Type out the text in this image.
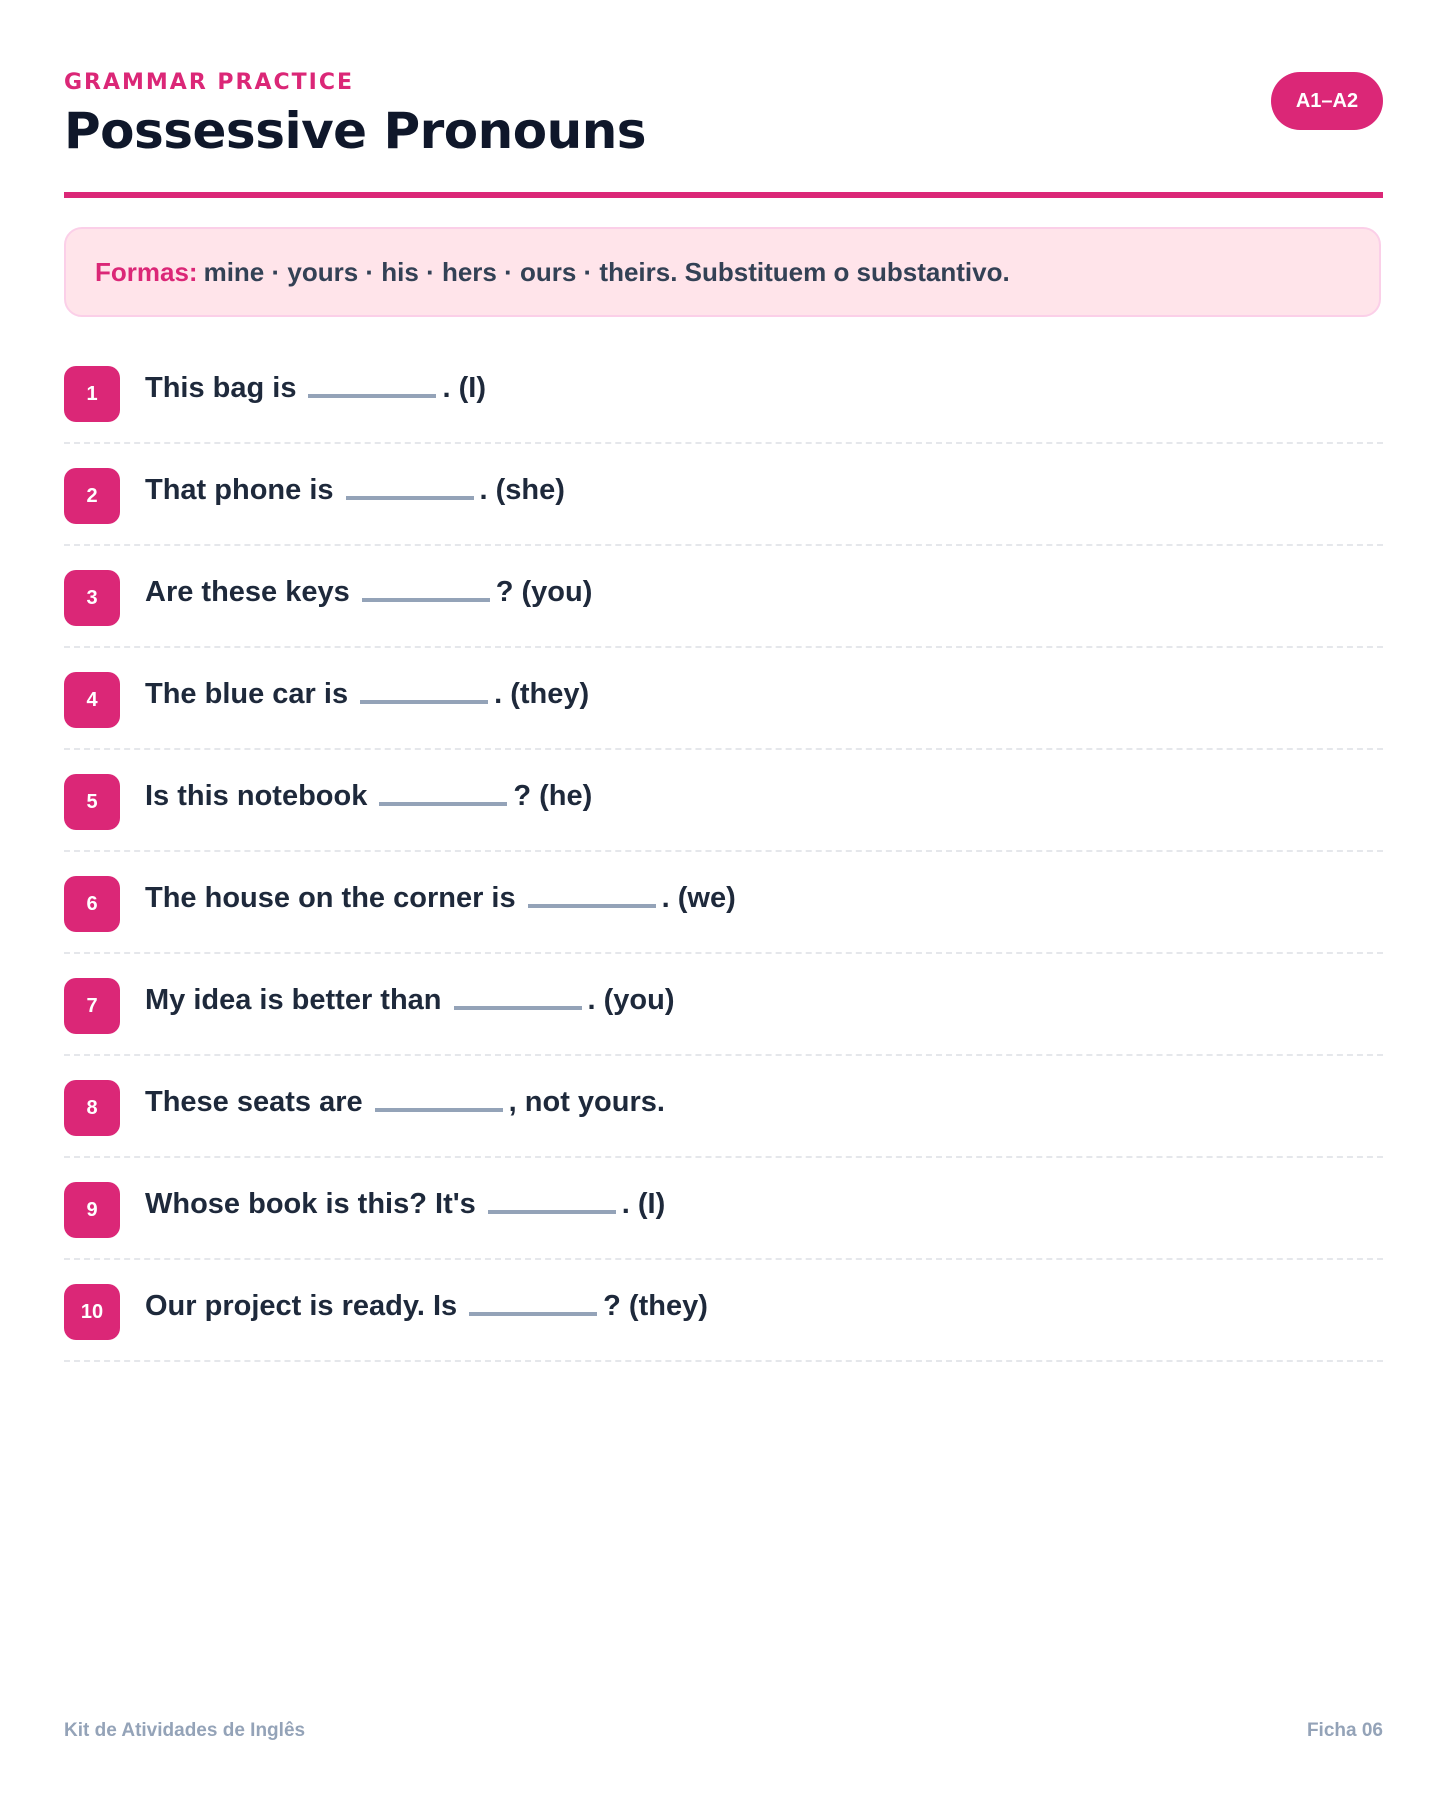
GRAMMAR PRACTICE
Possessive Pronouns
A1–A2
Formas: mine · yours · his · hers · ours · theirs. Substituem o substantivo.
1	This bag is	. (I)
2	That phone is	. (she)
3	Are these keys	? (you)
4	The blue car is	. (they)
5	Is this notebook	? (he)
6	The house on the corner is	. (we)
7	My idea is better than	. (you)
8	These seats are	, not yours.
9	Whose book is this? It's	. (I)
10	Our project is ready. Is	? (they)
Kit de Atividades de Inglês	Ficha 06
